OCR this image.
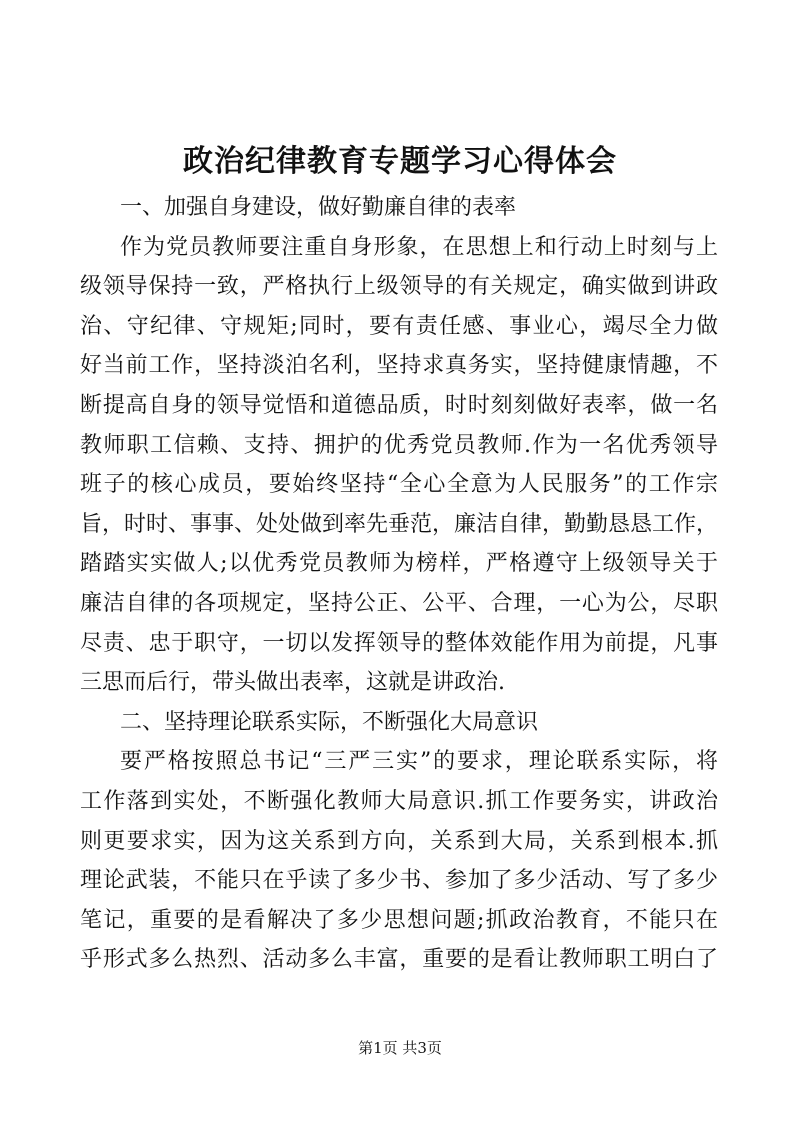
政治纪律教育专题学习心得体会
一、加强自身建设，做好勤廉自律的表率
作为党员教师要注重自身形象，在思想上和行动上时刻与上
级领导保持一致，严格执行上级领导的有关规定，确实做到讲政
治、守纪律、守规矩;同时，要有责任感、事业心，竭尽全力做
好当前工作，坚持淡泊名利，坚持求真务实，坚持健康情趣，不
断提高自身的领导觉悟和道德品质，时时刻刻做好表率，做一名
教师职工信赖、支持、拥护的优秀党员教师.作为一名优秀领导
班子的核心成员，要始终坚持“全心全意为人民服务”的工作宗
旨，时时、事事、处处做到率先垂范，廉洁自律，勤勤恳恳工作，
踏踏实实做人;以优秀党员教师为榜样，严格遵守上级领导关于
廉洁自律的各项规定，坚持公正、公平、合理，一心为公，尽职
尽责、忠于职守，一切以发挥领导的整体效能作用为前提，凡事
三思而后行，带头做出表率，这就是讲政治.
二、坚持理论联系实际，不断强化大局意识
要严格按照总书记“三严三实”的要求，理论联系实际，将
工作落到实处，不断强化教师大局意识.抓工作要务实，讲政治
则更要求实，因为这关系到方向，关系到大局，关系到根本.抓
理论武装，不能只在乎读了多少书、参加了多少活动、写了多少
笔记，重要的是看解决了多少思想问题;抓政治教育，不能只在
乎形式多么热烈、活动多么丰富，重要的是看让教师职工明白了
第1页 共3页
